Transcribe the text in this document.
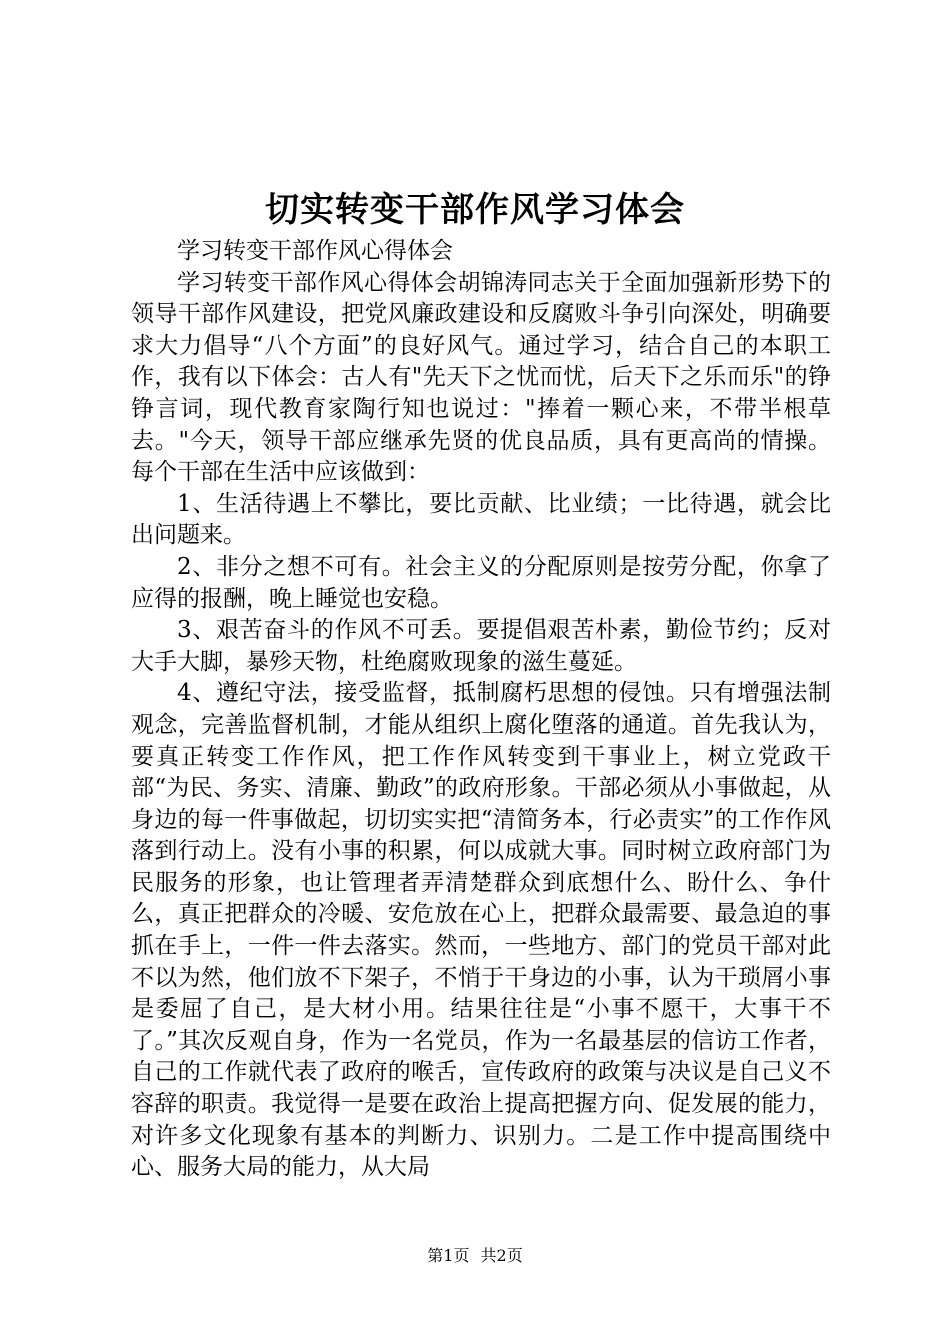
切实转变干部作风学习体会

学习转变干部作风心得体会

学习转变干部作风心得体会胡锦涛同志关于全面加强新形势下的领导干部作风建设，把党风廉政建设和反腐败斗争引向深处，明确要求大力倡导“八个方面”的良好风气。通过学习，结合自己的本职工作，我有以下体会：古人有"先天下之忧而忧，后天下之乐而乐"的铮铮言词，现代教育家陶行知也说过："捧着一颗心来，不带半根草去。"今天，领导干部应继承先贤的优良品质，具有更高尚的情操。每个干部在生活中应该做到：

1、生活待遇上不攀比，要比贡献、比业绩；一比待遇，就会比出问题来。

2、非分之想不可有。社会主义的分配原则是按劳分配，你拿了应得的报酬，晚上睡觉也安稳。

3、艰苦奋斗的作风不可丢。要提倡艰苦朴素，勤俭节约；反对大手大脚，暴殄天物，杜绝腐败现象的滋生蔓延。

4、遵纪守法，接受监督，抵制腐朽思想的侵蚀。只有增强法制观念，完善监督机制，才能从组织上腐化堕落的通道。首先我认为，要真正转变工作作风，把工作作风转变到干事业上，树立党政干部“为民、务实、清廉、勤政”的政府形象。干部必须从小事做起，从身边的每一件事做起，切切实实把“清简务本，行必责实”的工作作风落到行动上。没有小事的积累，何以成就大事。同时树立政府部门为民服务的形象，也让管理者弄清楚群众到底想什么、盼什么、争什么，真正把群众的冷暖、安危放在心上，把群众最需要、最急迫的事抓在手上，一件一件去落实。然而，一些地方、部门的党员干部对此不以为然，他们放不下架子，不悄于干身边的小事，认为干琐屑小事是委屈了自己，是大材小用。结果往往是“小事不愿干，大事干不了。”其次反观自身，作为一名党员，作为一名最基层的信访工作者，自己的工作就代表了政府的喉舌，宣传政府的政策与决议是自己义不容辞的职责。我觉得一是要在政治上提高把握方向、促发展的能力，对许多文化现象有基本的判断力、识别力。二是工作中提高围绕中心、服务大局的能力，从大局

第1页 共2页
